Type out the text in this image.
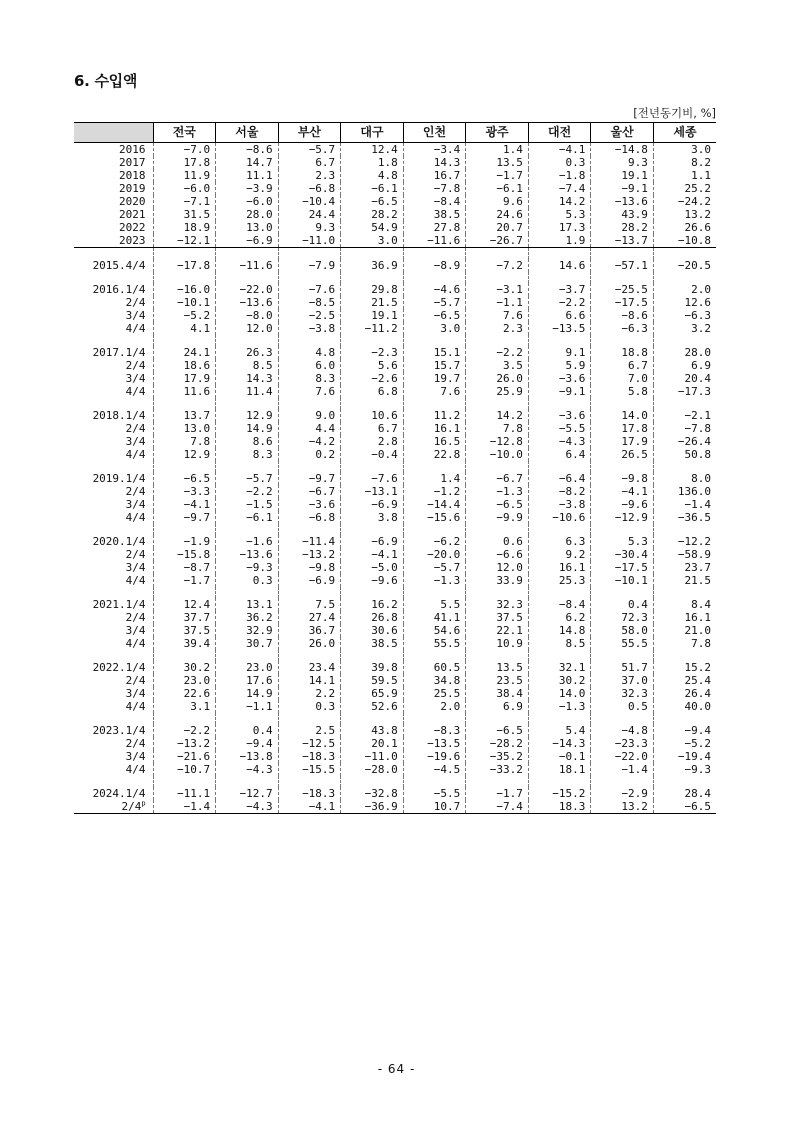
6. 수입액
[전년동기비, %]
	전국	서울	부산	대구	인천	광주	대전	울산	세종
2016	−7.0	−8.6	−5.7	12.4	−3.4	1.4	−4.1	−14.8	3.0
2017	17.8	14.7	6.7	1.8	14.3	13.5	0.3	9.3	8.2
2018	11.9	11.1	2.3	4.8	16.7	−1.7	−1.8	19.1	1.1
2019	−6.0	−3.9	−6.8	−6.1	−7.8	−6.1	−7.4	−9.1	25.2
2020	−7.1	−6.0	−10.4	−6.5	−8.4	9.6	14.2	−13.6	−24.2
2021	31.5	28.0	24.4	28.2	38.5	24.6	5.3	43.9	13.2
2022	18.9	13.0	9.3	54.9	27.8	20.7	17.3	28.2	26.6
2023	−12.1	−6.9	−11.0	3.0	−11.6	−26.7	1.9	−13.7	−10.8

2015.4/4	−17.8	−11.6	−7.9	36.9	−8.9	−7.2	14.6	−57.1	−20.5

2016.1/4	−16.0	−22.0	−7.6	29.8	−4.6	−3.1	−3.7	−25.5	2.0
2/4	−10.1	−13.6	−8.5	21.5	−5.7	−1.1	−2.2	−17.5	12.6
3/4	−5.2	−8.0	−2.5	19.1	−6.5	7.6	6.6	−8.6	−6.3
4/4	4.1	12.0	−3.8	−11.2	3.0	2.3	−13.5	−6.3	3.2

2017.1/4	24.1	26.3	4.8	−2.3	15.1	−2.2	9.1	18.8	28.0
2/4	18.6	8.5	6.0	5.6	15.7	3.5	5.9	6.7	6.9
3/4	17.9	14.3	8.3	−2.6	19.7	26.0	−3.6	7.0	20.4
4/4	11.6	11.4	7.6	6.8	7.6	25.9	−9.1	5.8	−17.3

2018.1/4	13.7	12.9	9.0	10.6	11.2	14.2	−3.6	14.0	−2.1
2/4	13.0	14.9	4.4	6.7	16.1	7.8	−5.5	17.8	−7.8
3/4	7.8	8.6	−4.2	2.8	16.5	−12.8	−4.3	17.9	−26.4
4/4	12.9	8.3	0.2	−0.4	22.8	−10.0	6.4	26.5	50.8

2019.1/4	−6.5	−5.7	−9.7	−7.6	1.4	−6.7	−6.4	−9.8	8.0
2/4	−3.3	−2.2	−6.7	−13.1	−1.2	−1.3	−8.2	−4.1	136.0
3/4	−4.1	−1.5	−3.6	−6.9	−14.4	−6.5	−3.8	−9.6	−1.4
4/4	−9.7	−6.1	−6.8	3.8	−15.6	−9.9	−10.6	−12.9	−36.5

2020.1/4	−1.9	−1.6	−11.4	−6.9	−6.2	0.6	6.3	5.3	−12.2
2/4	−15.8	−13.6	−13.2	−4.1	−20.0	−6.6	9.2	−30.4	−58.9
3/4	−8.7	−9.3	−9.8	−5.0	−5.7	12.0	16.1	−17.5	23.7
4/4	−1.7	0.3	−6.9	−9.6	−1.3	33.9	25.3	−10.1	21.5

2021.1/4	12.4	13.1	7.5	16.2	5.5	32.3	−8.4	0.4	8.4
2/4	37.7	36.2	27.4	26.8	41.1	37.5	6.2	72.3	16.1
3/4	37.5	32.9	36.7	30.6	54.6	22.1	14.8	58.0	21.0
4/4	39.4	30.7	26.0	38.5	55.5	10.9	8.5	55.5	7.8

2022.1/4	30.2	23.0	23.4	39.8	60.5	13.5	32.1	51.7	15.2
2/4	23.0	17.6	14.1	59.5	34.8	23.5	30.2	37.0	25.4
3/4	22.6	14.9	2.2	65.9	25.5	38.4	14.0	32.3	26.4
4/4	3.1	−1.1	0.3	52.6	2.0	6.9	−1.3	0.5	40.0

2023.1/4	−2.2	0.4	2.5	43.8	−8.3	−6.5	5.4	−4.8	−9.4
2/4	−13.2	−9.4	−12.5	20.1	−13.5	−28.2	−14.3	−23.3	−5.2
3/4	−21.6	−13.8	−18.3	−11.0	−19.6	−35.2	−0.1	−22.0	−19.4
4/4	−10.7	−4.3	−15.5	−28.0	−4.5	−33.2	18.1	−1.4	−9.3

2024.1/4	−11.1	−12.7	−18.3	−32.8	−5.5	−1.7	−15.2	−2.9	28.4
$2/4^p$	−1.4	−4.3	−4.1	−36.9	10.7	−7.4	18.3	13.2	−6.5
- 64 -
